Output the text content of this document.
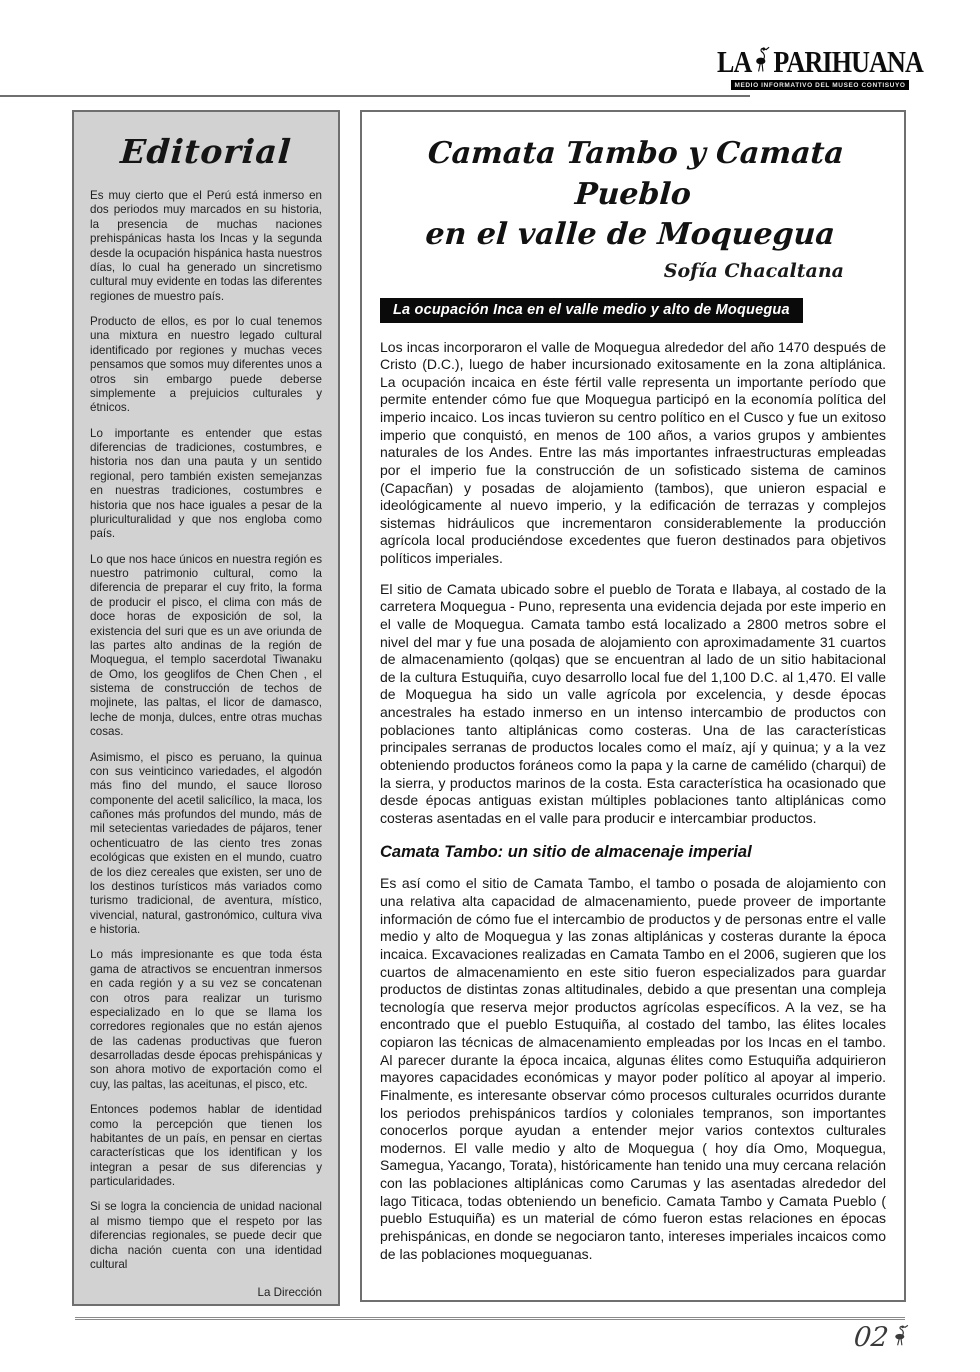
LA PARIHUANA
MEDIO INFORMATIVO DEL MUSEO CONTISUYO
Editorial

Es muy cierto que el Perú está inmerso en dos periodos muy marcados en su historia, la presencia de muchas naciones prehispánicas hasta los Incas y la segunda desde la ocupación hispánica hasta nuestros días, lo cual ha generado un sincretismo cultural muy evidente en todas las diferentes regiones de muestro país.

Producto de ellos, es por lo cual tenemos una mixtura en nuestro legado cultural identificado por regiones y muchas veces pensamos que somos muy diferentes unos a otros sin embargo puede deberse simplemente a prejuicios culturales y étnicos.

Lo importante es entender que estas diferencias de tradiciones, costumbres, e historia nos dan una pauta y un sentido regional, pero también existen semejanzas en nuestras tradiciones, costumbres e historia que nos hace iguales a pesar de la pluriculturalidad y que nos engloba como país.

Lo que nos hace únicos en nuestra región es nuestro patrimonio cultural, como la diferencia de preparar el cuy frito, la forma de producir el pisco, el clima con más de doce horas de exposición de sol, la existencia del suri que es un ave oriunda de las partes alto andinas de la región de Moquegua, el templo sacerdotal Tiwanaku de Omo, los geoglifos de Chen Chen , el sistema de construcción de techos de mojinete, las paltas, el licor de damasco, leche de monja, dulces, entre otras muchas cosas.

Asimismo, el pisco es peruano, la quinua con sus veinticinco variedades, el algodón más fino del mundo, el sauce lloroso componente del acetil salicílico, la maca, los cañones más profundos del mundo, más de mil setecientas variedades de pájaros, tener ochenticuatro de las ciento tres zonas ecológicas que existen en el mundo, cuatro de los diez cereales que existen, ser uno de los destinos turísticos más variados como turismo tradicional, de aventura, místico, vivencial, natural, gastronómico, cultura viva e historia.

Lo más impresionante es que toda ésta gama de atractivos se encuentran inmersos en cada región y a su vez se concatenan con otros para realizar un turismo especializado en lo que se llama los corredores regionales que no están ajenos de las cadenas productivas que fueron desarrolladas desde épocas prehispánicas y son ahora motivo de exportación como el cuy, las paltas, las aceitunas, el pisco, etc.

Entonces podemos hablar de identidad como la percepción que tienen los habitantes de un país, en pensar en ciertas características que los identifican y los integran a pesar de sus diferencias y particularidades.

Si se logra la conciencia de unidad nacional al mismo tiempo que el respeto por las diferencias regionales, se puede decir que dicha nación cuenta con una identidad cultural

La Dirección
Camata Tambo y Camata Pueblo
en el valle de Moquegua
Sofía Chacaltana
La ocupación Inca en el valle medio y alto de Moquegua

Los incas incorporaron el valle de Moquegua alrededor del año 1470 después de Cristo (D.C.), luego de haber incursionado exitosamente en la zona altiplánica. La ocupación incaica en éste fértil valle representa un importante período que permite entender cómo fue que Moquegua participó en la economía política del imperio incaico. Los incas tuvieron su centro político en el Cusco y fue un exitoso imperio que conquistó, en menos de 100 años, a varios grupos y ambientes naturales de los Andes. Entre las más importantes infraestructuras empleadas por el imperio fue la construcción de un sofisticado sistema de caminos (Capacñan) y posadas de alojamiento (tambos), que unieron espacial e ideológicamente al nuevo imperio, y la edificación de terrazas y complejos sistemas hidráulicos que incrementaron considerablemente la producción agrícola local produciéndose excedentes que fueron destinados para objetivos políticos imperiales.

El sitio de Camata ubicado sobre el pueblo de Torata e Ilabaya, al costado de la carretera Moquegua - Puno, representa una evidencia dejada por este imperio en el valle de Moquegua. Camata tambo está localizado a 2800 metros sobre el nivel del mar y fue una posada de alojamiento con aproximadamente 31 cuartos de almacenamiento (qolqas) que se encuentran al lado de un sitio habitacional de la cultura Estuquiña, cuyo desarrollo local fue del 1,100 D.C. al 1,470. El valle de Moquegua ha sido un valle agrícola por excelencia, y desde épocas ancestrales ha estado inmerso en un intenso intercambio de productos con poblaciones tanto altiplánicas como costeras. Una de las características principales serranas de productos locales como el maíz, ají y quinua; y a la vez obteniendo productos foráneos como la papa y la carne de camélido (charqui) de la sierra, y productos marinos de la costa. Esta característica ha ocasionado que desde épocas antiguas existan múltiples poblaciones tanto altiplánicas como costeras asentadas en el valle para producir e intercambiar productos.

Camata Tambo: un sitio de almacenaje imperial

Es así como el sitio de Camata Tambo, el tambo o posada de alojamiento con una relativa alta capacidad de almacenamiento, puede proveer de importante información de cómo fue el intercambio de productos y de personas entre el valle medio y alto de Moquegua y las zonas altiplánicas y costeras durante la época incaica. Excavaciones realizadas en Camata Tambo en el 2006, sugieren que los cuartos de almacenamiento en este sitio fueron especializados para guardar productos de distintas zonas altitudinales, debido a que presentan una compleja tecnología que reserva mejor productos agrícolas específicos. A la vez, se ha encontrado que el pueblo Estuquiña, al costado del tambo, las élites locales copiaron las técnicas de almacenamiento empleadas por los Incas en el tambo. Al parecer durante la época incaica, algunas élites como Estuquiña adquirieron mayores capacidades económicas y mayor poder político al apoyar al imperio. Finalmente, es interesante observar cómo procesos culturales ocurridos durante los periodos prehispánicos tardíos y coloniales tempranos, son importantes conocerlos porque ayudan a entender mejor varios contextos culturales modernos. El valle medio y alto de Moquegua ( hoy día Omo, Moquegua, Samegua, Yacango, Torata), históricamente han tenido una muy cercana relación con las poblaciones altiplánicas como Carumas y las asentadas alrededor del lago Titicaca, todas obteniendo un beneficio. Camata Tambo y Camata Pueblo ( pueblo Estuquiña) es un material de cómo fueron estas relaciones en épocas prehispánicas, en donde se negociaron tanto, intereses imperiales incaicos como de las poblaciones moqueguanas.

02
